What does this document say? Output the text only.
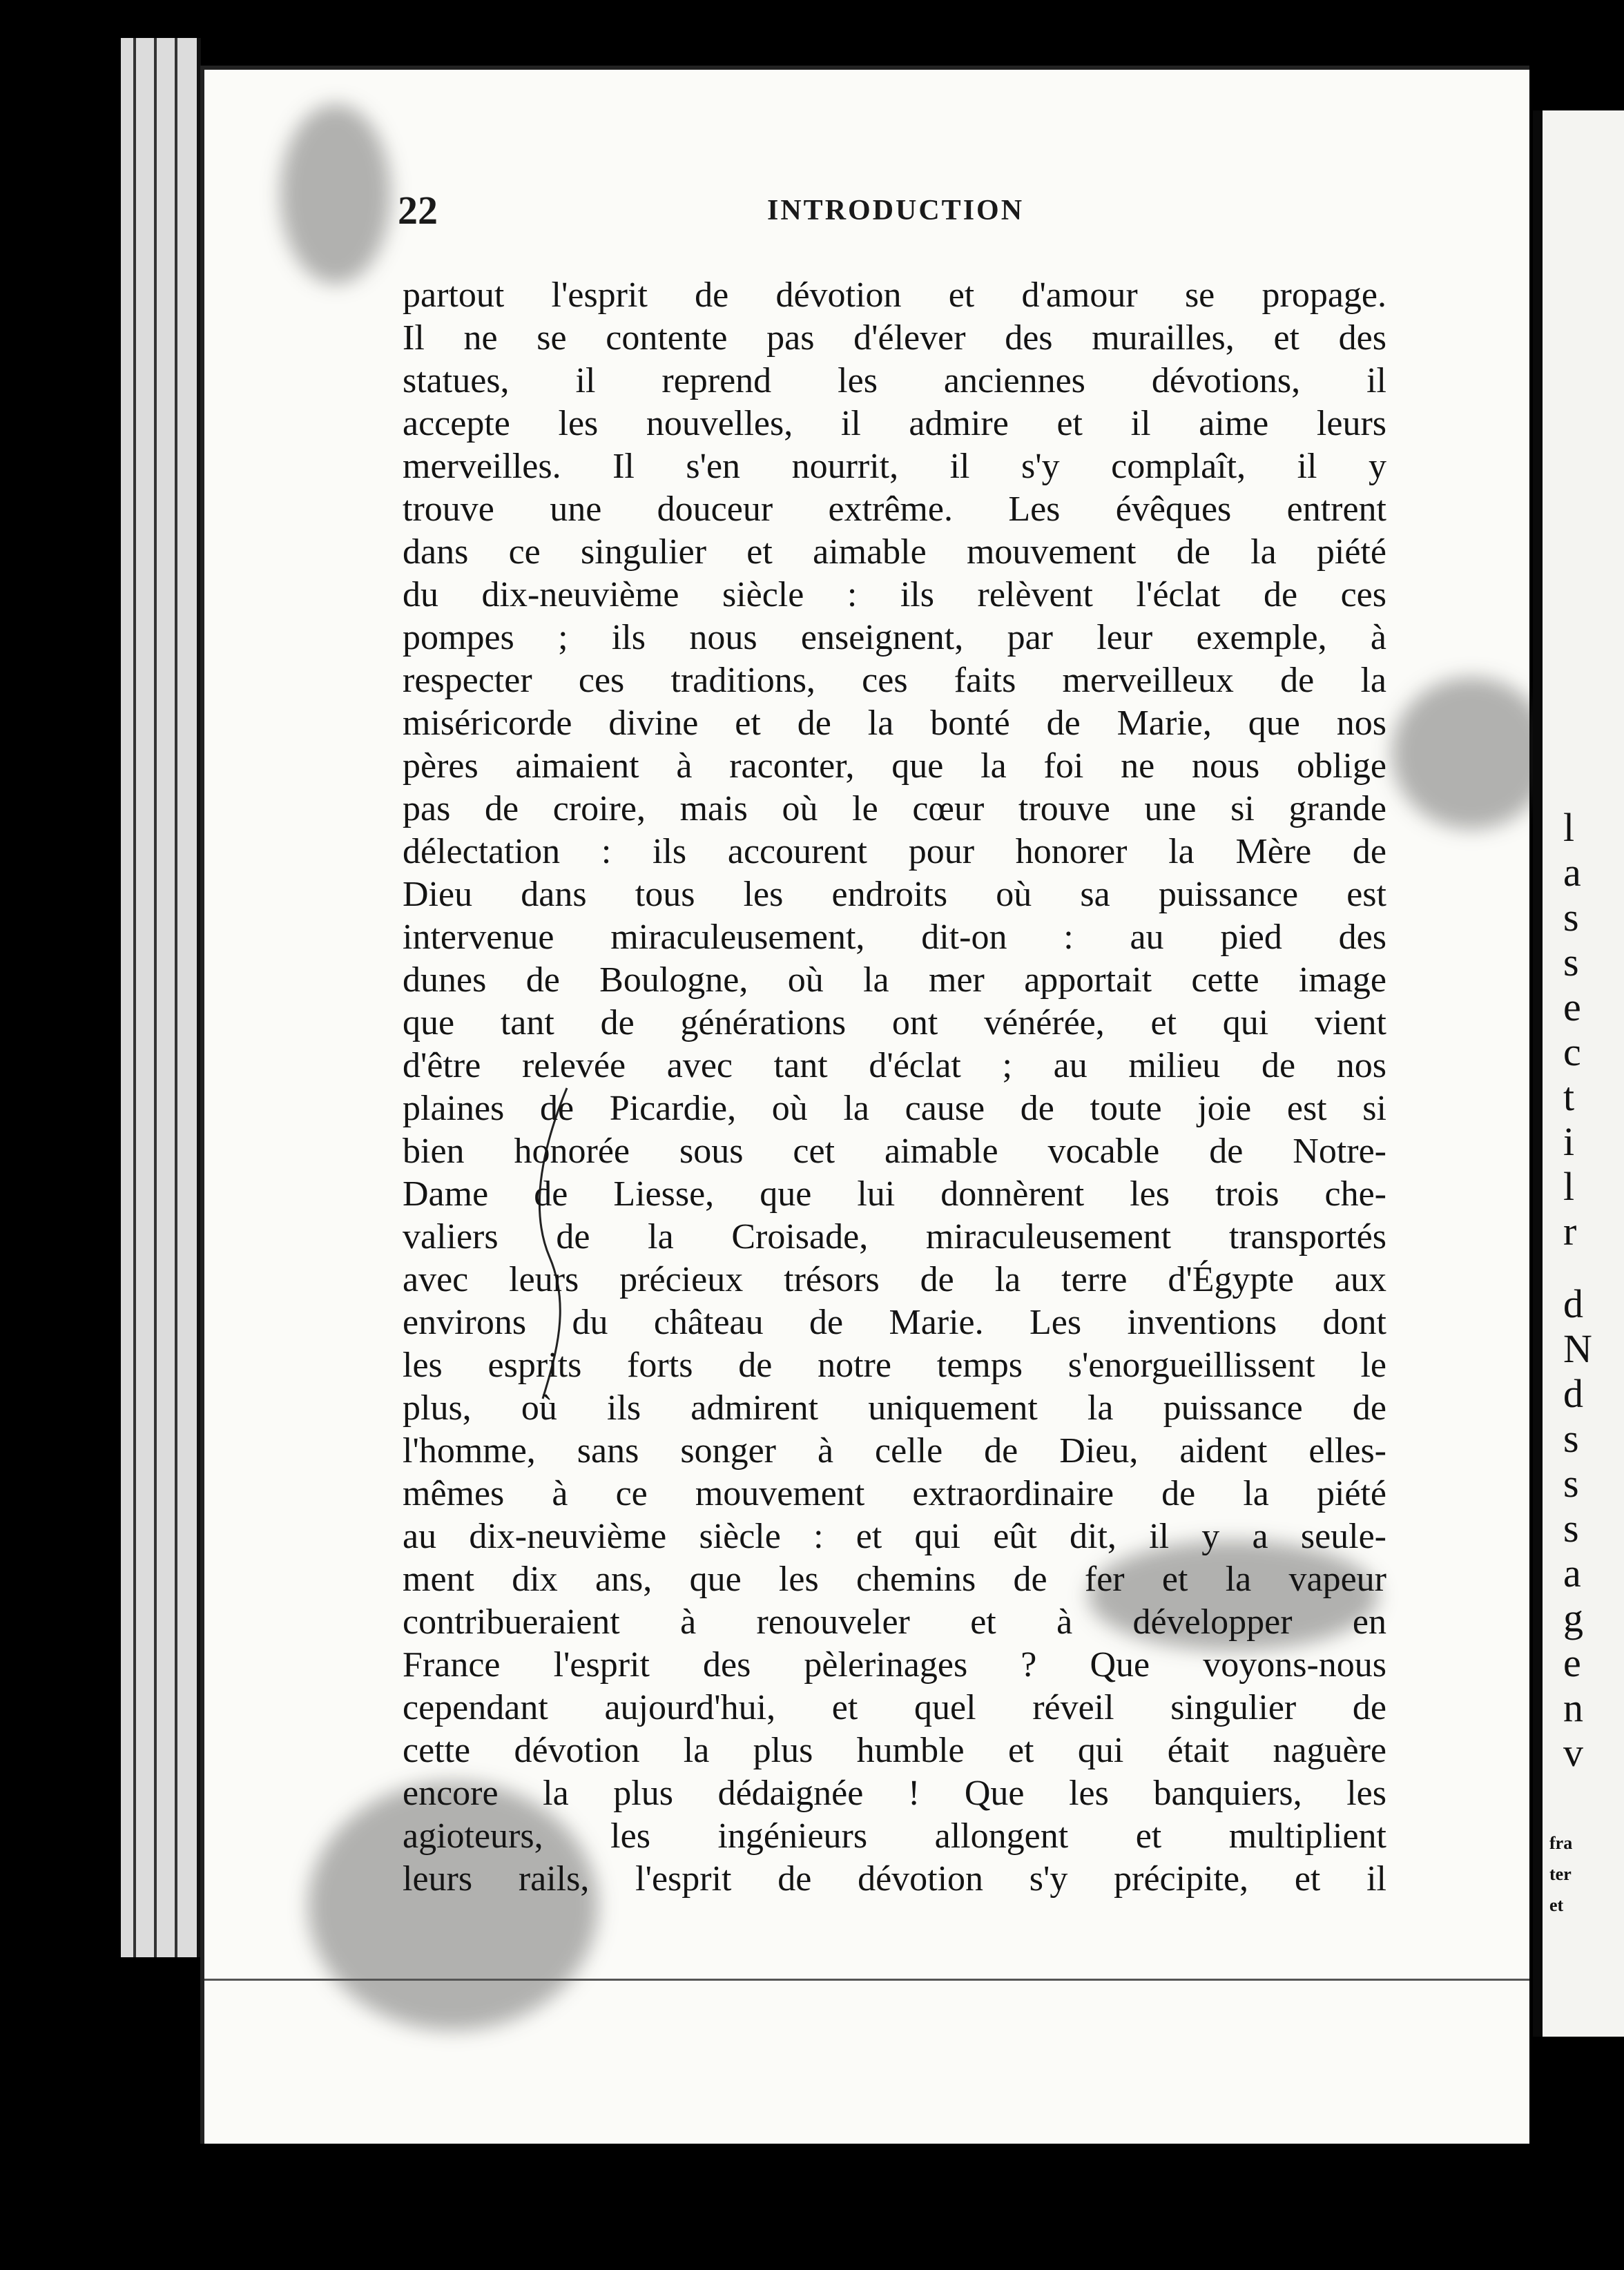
22	INTRODUCTION
partout l'esprit de dévotion et d'amour se propage.
Il ne se contente pas d'élever des murailles, et des
statues, il reprend les anciennes dévotions, il
accepte les nouvelles, il admire et il aime leurs
merveilles. Il s'en nourrit, il s'y complaît, il y
trouve une douceur extrême. Les évêques entrent
dans ce singulier et aimable mouvement de la piété
du dix-neuvième siècle : ils relèvent l'éclat de ces
pompes ; ils nous enseignent, par leur exemple, à
respecter ces traditions, ces faits merveilleux de la
miséricorde divine et de la bonté de Marie, que nos
pères aimaient à raconter, que la foi ne nous oblige
pas de croire, mais où le cœur trouve une si grande
délectation : ils accourent pour honorer la Mère de
Dieu dans tous les endroits où sa puissance est
intervenue miraculeusement, dit-on : au pied des
dunes de Boulogne, où la mer apportait cette image
que tant de générations ont vénérée, et qui vient
d'être relevée avec tant d'éclat ; au milieu de nos
plaines de Picardie, où la cause de toute joie est si
bien honorée sous cet aimable vocable de Notre-
Dame de Liesse, que lui donnèrent les trois che-
valiers de la Croisade, miraculeusement transportés
avec leurs précieux trésors de la terre d'Égypte aux
environs du château de Marie. Les inventions dont
les esprits forts de notre temps s'enorgueillissent le
plus, où ils admirent uniquement la puissance de
l'homme, sans songer à celle de Dieu, aident elles-
mêmes à ce mouvement extraordinaire de la piété
au dix-neuvième siècle : et qui eût dit, il y a seule-
ment dix ans, que les chemins de fer et la vapeur
contribueraient à renouveler et à développer en
France l'esprit des pèlerinages ? Que voyons-nous
cependant aujourd'hui, et quel réveil singulier de
cette dévotion la plus humble et qui était naguère
encore la plus dédaignée ! Que les banquiers, les
agioteurs, les ingénieurs allongent et multiplient
leurs rails, l'esprit de dévotion s'y précipite, et il
l
a
s
s
e
c
t
i
l
r
d
N
d
s
s
s
a
g
e
n
v
fra
ter
et
